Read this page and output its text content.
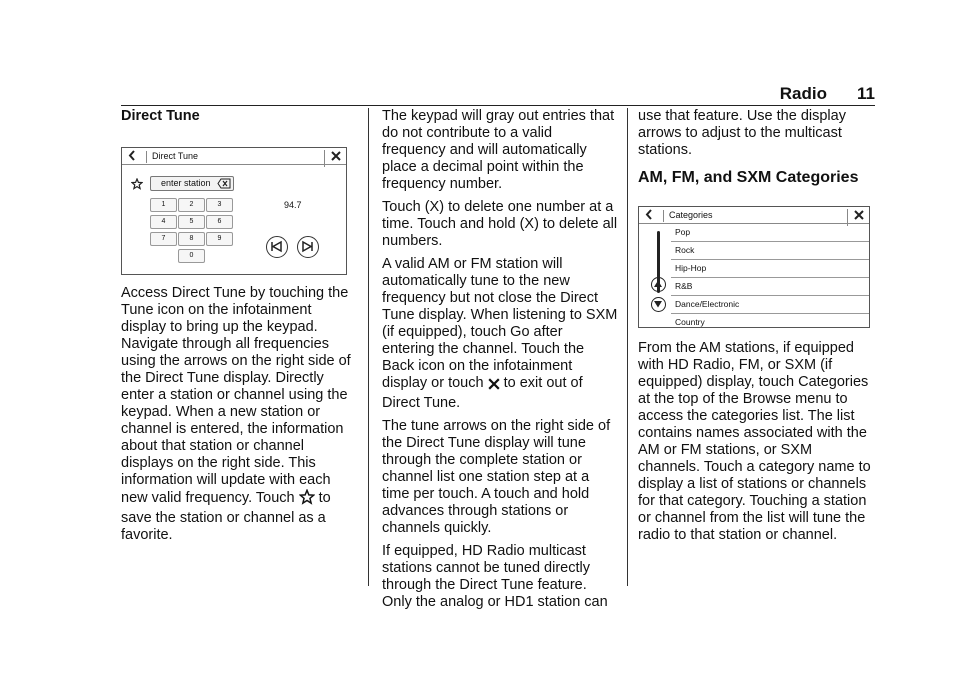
Radio 11
Direct Tune
Direct Tune
enter station
1	2	3
4	5	6
7	8	9
0
94.7
Access Direct Tune by touching the Tune icon on the infotainment display to bring up the keypad. Navigate through all frequencies using the arrows on the right side of the Direct Tune display. Directly enter a station or channel using the keypad. When a new station or channel is entered, the information about that station or channel displays on the right side. This information will update with each new valid frequency. Touch to save the station or channel as a favorite.
The keypad will gray out entries that do not contribute to a valid frequency and will automatically place a decimal point within the frequency number.
Touch (X) to delete one number at a time. Touch and hold (X) to delete all numbers.
A valid AM or FM station will automatically tune to the new frequency but not close the Direct Tune display. When listening to SXM (if equipped), touch Go after entering the channel. Touch the Back icon on the infotainment display or touch to exit out of Direct Tune.
The tune arrows on the right side of the Direct Tune display will tune through the complete station or channel list one station step at a time per touch. A touch and hold advances through stations or channels quickly.
If equipped, HD Radio multicast stations cannot be tuned directly through the Direct Tune feature. Only the analog or HD1 station can
use that feature. Use the display arrows to adjust to the multicast stations.
AM, FM, and SXM Categories
Categories
Pop
Rock
Hip-Hop
R&B
Dance/Electronic
Country
From the AM stations, if equipped with HD Radio, FM, or SXM (if equipped) display, touch Categories at the top of the Browse menu to access the categories list. The list contains names associated with the AM or FM stations, or SXM channels. Touch a category name to display a list of stations or channels for that category. Touching a station or channel from the list will tune the radio to that station or channel.
